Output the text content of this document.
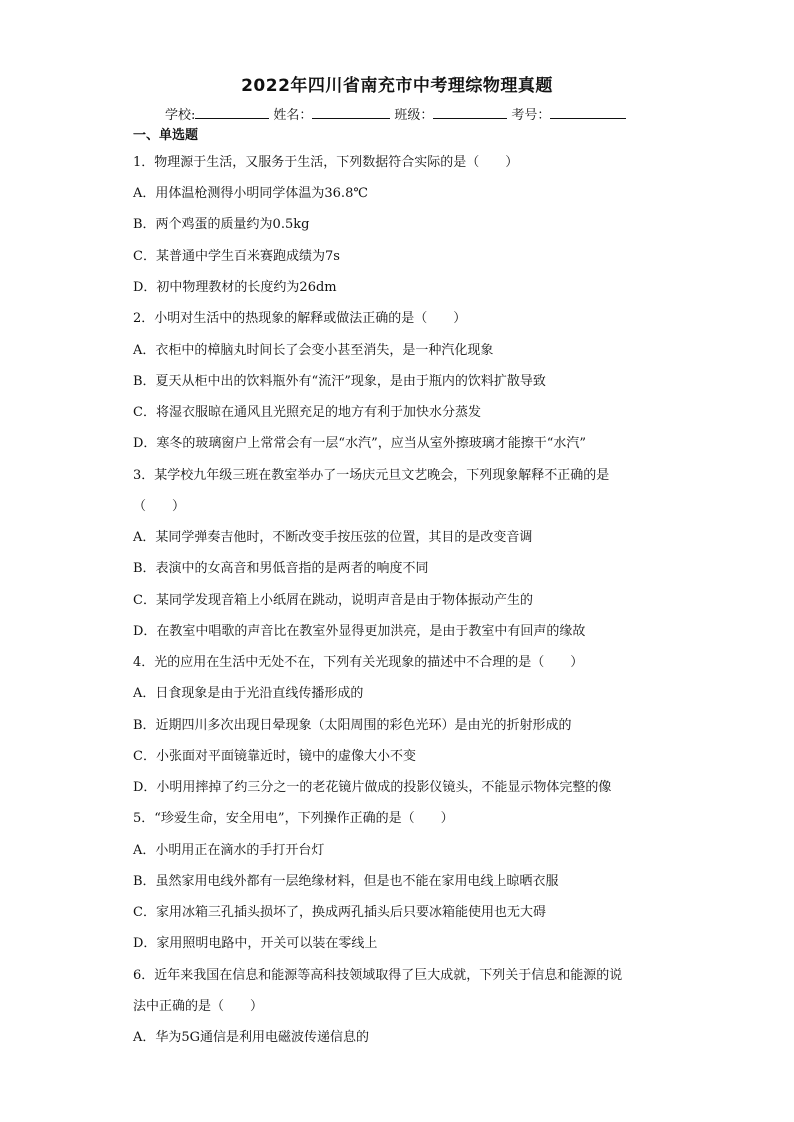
2022年四川省南充市中考理综物理真题
学校:	姓名：	班级：	考号：
一、单选题
1．物理源于生活，又服务于生活，下列数据符合实际的是（　　）
A．用体温枪测得小明同学体温为36.8℃
B．两个鸡蛋的质量约为0.5kg
C．某普通中学生百米赛跑成绩为7s
D．初中物理教材的长度约为26dm
2．小明对生活中的热现象的解释或做法正确的是（　　）
A．衣柜中的樟脑丸时间长了会变小甚至消失，是一种汽化现象
B．夏天从柜中出的饮料瓶外有“流汗”现象，是由于瓶内的饮料扩散导致
C．将湿衣服晾在通风且光照充足的地方有利于加快水分蒸发
D．寒冬的玻璃窗户上常常会有一层“水汽”，应当从室外擦玻璃才能擦干“水汽”
3．某学校九年级三班在教室举办了一场庆元旦文艺晚会，下列现象解释不正确的是
（　　）
A．某同学弹奏吉他时，不断改变手按压弦的位置，其目的是改变音调
B．表演中的女高音和男低音指的是两者的响度不同
C．某同学发现音箱上小纸屑在跳动，说明声音是由于物体振动产生的
D．在教室中唱歌的声音比在教室外显得更加洪亮，是由于教室中有回声的缘故
4．光的应用在生活中无处不在，下列有关光现象的描述中不合理的是（　　）
A．日食现象是由于光沿直线传播形成的
B．近期四川多次出现日晕现象（太阳周围的彩色光环）是由光的折射形成的
C．小张面对平面镜靠近时，镜中的虚像大小不变
D．小明用摔掉了约三分之一的老花镜片做成的投影仪镜头，不能显示物体完整的像
5．“珍爱生命，安全用电”，下列操作正确的是（　　）
A．小明用正在滴水的手打开台灯
B．虽然家用电线外都有一层绝缘材料，但是也不能在家用电线上晾晒衣服
C．家用冰箱三孔插头损坏了，换成两孔插头后只要冰箱能使用也无大碍
D．家用照明电路中，开关可以装在零线上
6．近年来我国在信息和能源等高科技领域取得了巨大成就，下列关于信息和能源的说
法中正确的是（　　）
A．华为5G通信是利用电磁波传递信息的
